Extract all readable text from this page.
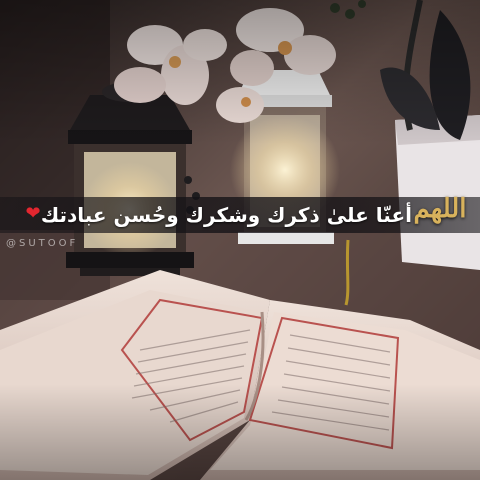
أعنّا علىٰ ذكرك وشكرك وحُسن عبادتك اللهم
❤
@SUTOOF
